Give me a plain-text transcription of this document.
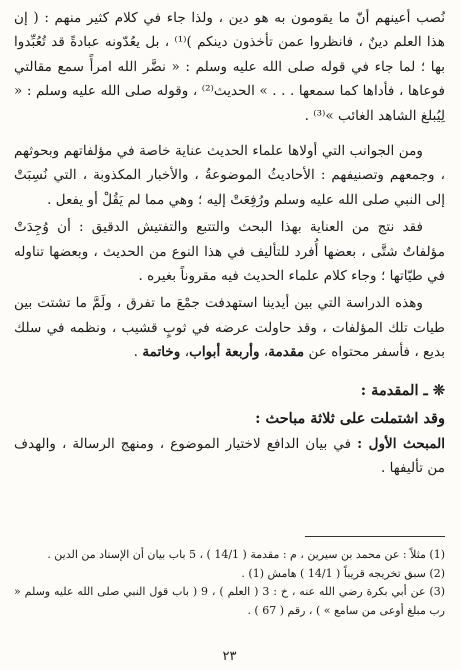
نُصب أعينهم أنّ ما يقومون به هو دين ، ولذا جاء في كلام كثير منهم : ( إن هذا العلم دينٌ ، فانظروا عمن تأخذون دينكم )⁽¹⁾ ، بل يعُدّونه عبادةً قد تُعُبِّدوا بها ؛ لما جاء في قوله صلى الله عليه وسلم : « نضَّر الله امرأً سمع مقالتي فوعاها ، فأداها كما سمعها . . . » الحديث⁽²⁾ ، وقوله صلى الله عليه وسلم : « لِيُبلغ الشاهد الغائب »⁽³⁾ .

ومن الجوانب التي أولاها علماء الحديث عناية خاصة في مؤلفاتهم وبحوثهم ، وجمعهم وتصنيفهم : الأحاديثُ الموضوعةُ ، والأخبار المكذوبة ، التي نُسِبَتْ إلى النبي صلى الله عليه وسلم ورُفِعَتْ إليه ؛ وهي مما لم يَقُلْ أو يفعل .

فقد نتج من العناية بهذا البحث والتتبع والتفتيش الدقيق : أن وُجِدَتْ مؤلفاتٌ شتَّى ، بعضها أُفرد للتأليف في هذا النوع من الحديث ، وبعضها تناوله في طيّاتها ؛ وجاء كلام علماء الحديث فيه مقروناً بغيره .

وهذه الدراسة التي بين أيدينا استهدفت جمْعَ ما تفرق ، ولَمَّ ما تشتت بين طيات تلك المؤلفات ، وقد حاولت عرضه في ثوبٍ قشيب ، ونظمه في سلك بديع ، فأسفر محتواه عن مقدمة، وأربعة أبواب، وخاتمة .

❊ ـ المقدمة :

وقد اشتملت على ثلاثة مباحث :

المبحث الأول : في بيان الدافع لاختيار الموضوع ، ومنهج الرسالة ، والهدف من تأليفها .

(1) مثلاً : عن محمد بن سيرين ، م : مقدمة ( 14/1 ) ، 5 باب بيان أن الإسناد من الدين .

(2) سبق تخريجه قريباً ( 14/1 ) هامش (1) .

(3) عن أبي بكرة رضي الله عنه ، خ : 3 ( العلم ) ، 9 ( باب قول النبي صلى الله عليه وسلم « رب مبلغ أوعى من سامع » ) ، رقم ( 67 ) .

٢٣
